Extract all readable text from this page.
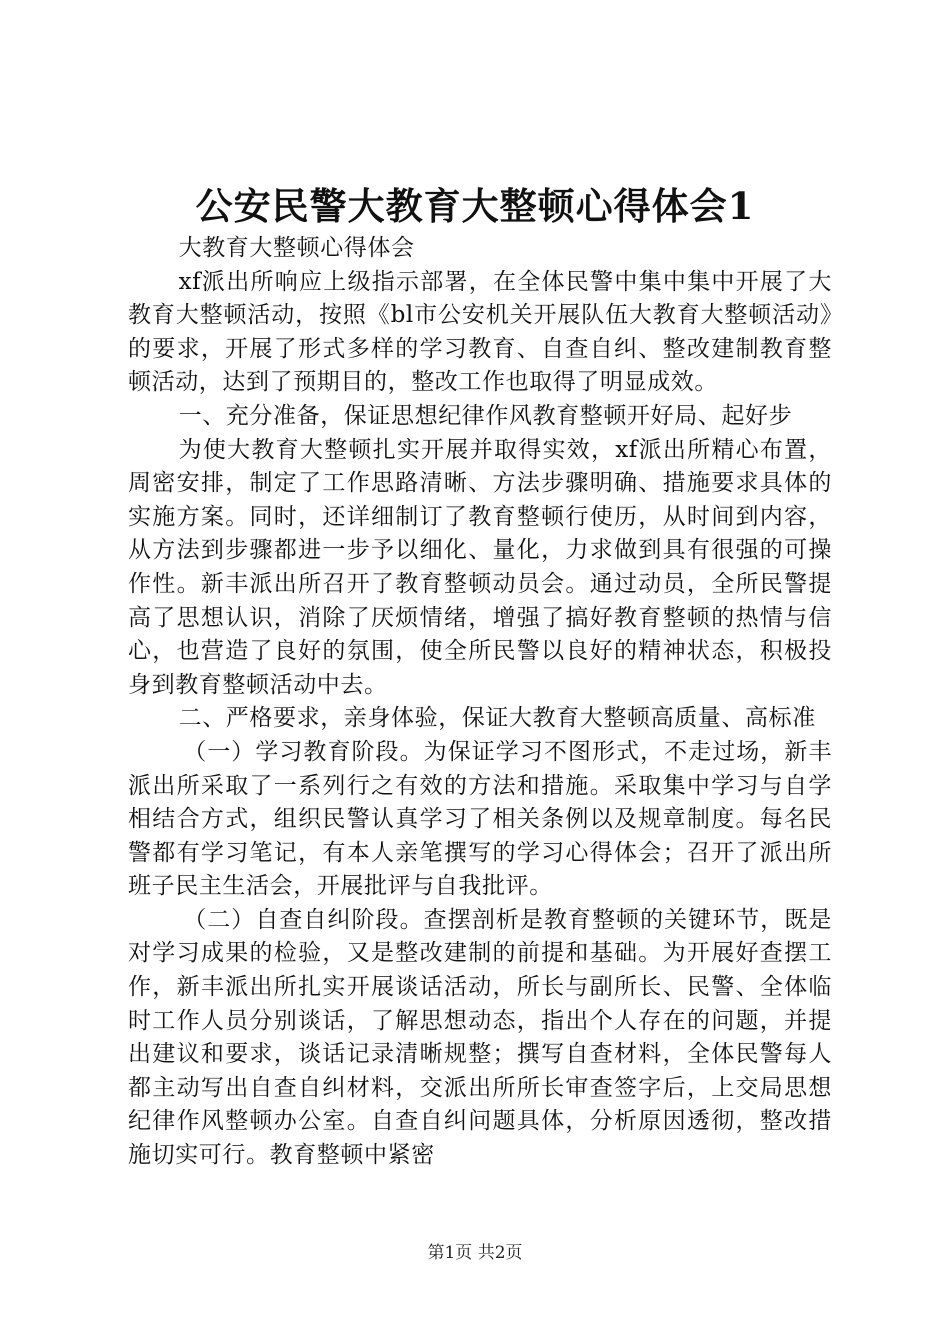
公安民警大教育大整顿心得体会1

大教育大整顿心得体会

xf派出所响应上级指示部署，在全体民警中集中集中开展了大教育大整顿活动，按照《bl市公安机关开展队伍大教育大整顿活动》的要求，开展了形式多样的学习教育、自查自纠、整改建制教育整顿活动，达到了预期目的，整改工作也取得了明显成效。

一、充分准备，保证思想纪律作风教育整顿开好局、起好步

为使大教育大整顿扎实开展并取得实效，xf派出所精心布置，周密安排，制定了工作思路清晰、方法步骤明确、措施要求具体的实施方案。同时，还详细制订了教育整顿行使历，从时间到内容，从方法到步骤都进一步予以细化、量化，力求做到具有很强的可操作性。新丰派出所召开了教育整顿动员会。通过动员，全所民警提高了思想认识，消除了厌烦情绪，增强了搞好教育整顿的热情与信心，也营造了良好的氛围，使全所民警以良好的精神状态，积极投身到教育整顿活动中去。

二、严格要求，亲身体验，保证大教育大整顿高质量、高标准

（一）学习教育阶段。为保证学习不图形式，不走过场，新丰派出所采取了一系列行之有效的方法和措施。采取集中学习与自学相结合方式，组织民警认真学习了相关条例以及规章制度。每名民警都有学习笔记，有本人亲笔撰写的学习心得体会；召开了派出所班子民主生活会，开展批评与自我批评。

（二）自查自纠阶段。查摆剖析是教育整顿的关键环节，既是对学习成果的检验，又是整改建制的前提和基础。为开展好查摆工作，新丰派出所扎实开展谈话活动，所长与副所长、民警、全体临时工作人员分别谈话，了解思想动态，指出个人存在的问题，并提出建议和要求，谈话记录清晰规整；撰写自查材料，全体民警每人都主动写出自查自纠材料，交派出所所长审查签字后，上交局思想纪律作风整顿办公室。自查自纠问题具体，分析原因透彻，整改措施切实可行。教育整顿中紧密

第1页 共2页
